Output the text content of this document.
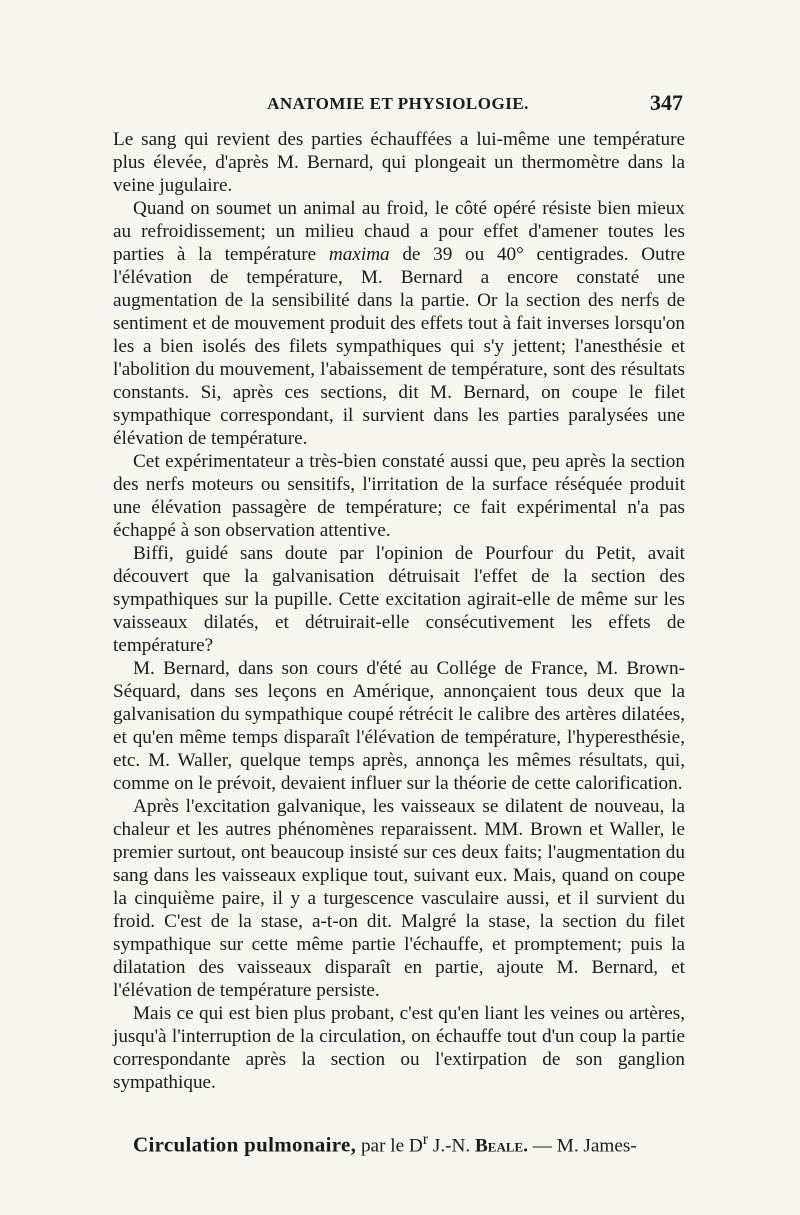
ANATOMIE ET PHYSIOLOGIE.	347

Le sang qui revient des parties échauffées a lui-même une température plus élevée, d'après M. Bernard, qui plongeait un thermomètre dans la veine jugulaire.

Quand on soumet un animal au froid, le côté opéré résiste bien mieux au refroidissement; un milieu chaud a pour effet d'amener toutes les parties à la température maxima de 39 ou 40° centigrades. Outre l'élévation de température, M. Bernard a encore constaté une augmentation de la sensibilité dans la partie. Or la section des nerfs de sentiment et de mouvement produit des effets tout à fait inverses lorsqu'on les a bien isolés des filets sympathiques qui s'y jettent; l'anesthésie et l'abolition du mouvement, l'abaissement de température, sont des résultats constants. Si, après ces sections, dit M. Bernard, on coupe le filet sympathique correspondant, il survient dans les parties paralysées une élévation de température.

Cet expérimentateur a très-bien constaté aussi que, peu après la section des nerfs moteurs ou sensitifs, l'irritation de la surface réséquée produit une élévation passagère de température; ce fait expérimental n'a pas échappé à son observation attentive.

Biffi, guidé sans doute par l'opinion de Pourfour du Petit, avait découvert que la galvanisation détruisait l'effet de la section des sympathiques sur la pupille. Cette excitation agirait-elle de même sur les vaisseaux dilatés, et détruirait-elle consécutivement les effets de température?

M. Bernard, dans son cours d'été au Collége de France, M. Brown-Séquard, dans ses leçons en Amérique, annonçaient tous deux que la galvanisation du sympathique coupé rétrécit le calibre des artères dilatées, et qu'en même temps disparaît l'élévation de température, l'hyperesthésie, etc. M. Waller, quelque temps après, annonça les mêmes résultats, qui, comme on le prévoit, devaient influer sur la théorie de cette calorification.

Après l'excitation galvanique, les vaisseaux se dilatent de nouveau, la chaleur et les autres phénomènes reparaissent. MM. Brown et Waller, le premier surtout, ont beaucoup insisté sur ces deux faits; l'augmentation du sang dans les vaisseaux explique tout, suivant eux. Mais, quand on coupe la cinquième paire, il y a turgescence vasculaire aussi, et il survient du froid. C'est de la stase, a-t-on dit. Malgré la stase, la section du filet sympathique sur cette même partie l'échauffe, et promptement; puis la dilatation des vaisseaux disparaît en partie, ajoute M. Bernard, et l'élévation de température persiste.

Mais ce qui est bien plus probant, c'est qu'en liant les veines ou artères, jusqu'à l'interruption de la circulation, on échauffe tout d'un coup la partie correspondante après la section ou l'extirpation de son ganglion sympathique.

Circulation pulmonaire, par le $D^r$ J.-N. Beale. — M. James-
